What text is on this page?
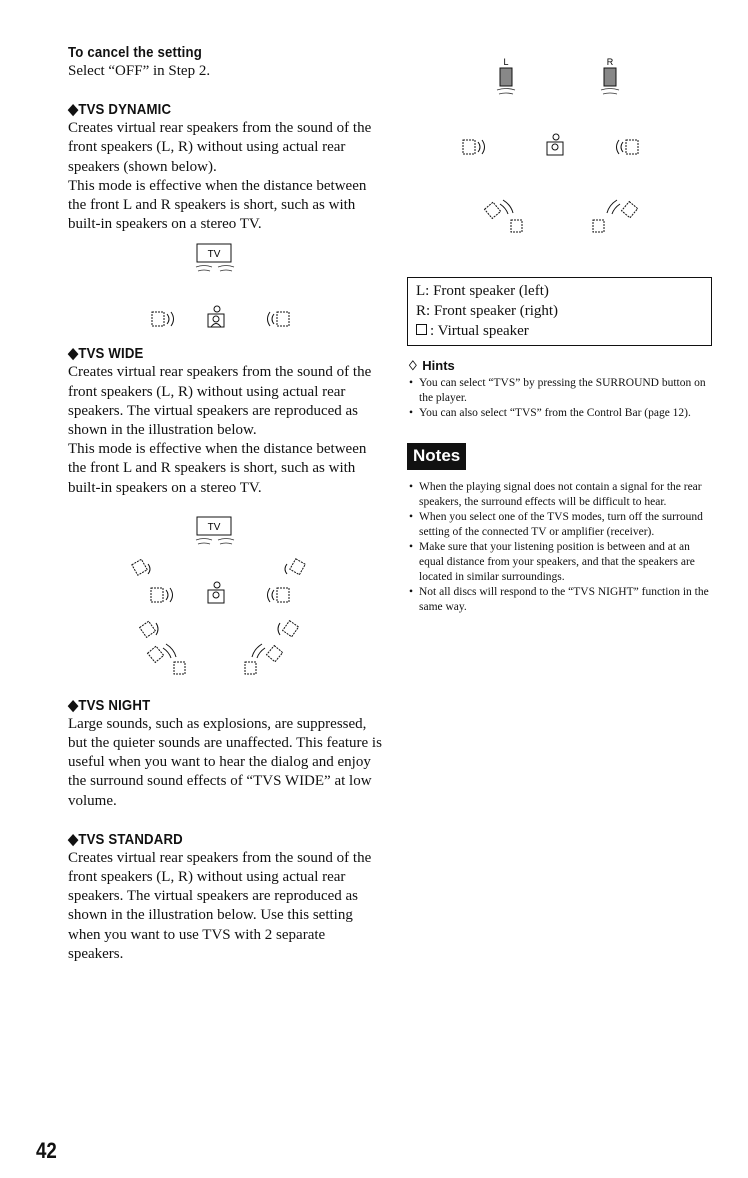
To cancel the setting

Select “OFF” in Step 2.

◆TVS DYNAMIC

Creates virtual rear speakers from the sound of the front speakers (L, R) without using actual rear speakers (shown below).

This mode is effective when the distance between the front L and R speakers is short, such as with built-in speakers on a stereo TV.

TV
◆TVS WIDE

Creates virtual rear speakers from the sound of the front speakers (L, R) without using actual rear speakers. The virtual speakers are reproduced as shown in the illustration below.

This mode is effective when the distance between the front L and R speakers is short, such as with built-in speakers on a stereo TV.

TV
◆TVS NIGHT

Large sounds, such as explosions, are suppressed, but the quieter sounds are unaffected. This feature is useful when you want to hear the dialog and enjoy the surround sound effects of “TVS WIDE” at low volume.

◆TVS STANDARD

Creates virtual rear speakers from the sound of the front speakers (L, R) without using actual rear speakers. The virtual speakers are reproduced as shown in the illustration below. Use this setting when you want to use TVS with 2 separate speakers.

L	R
L: Front speaker (left)
R: Front speaker (right)
: Virtual speaker
♢ Hints
• You can select “TVS” by pressing the SURROUND button on the player.
• You can also select “TVS” from the Control Bar (page 12).
Notes
• When the playing signal does not contain a signal for the rear speakers, the surround effects will be difficult to hear.
• When you select one of the TVS modes, turn off the surround setting of the connected TV or amplifier (receiver).
• Make sure that your listening position is between and at an equal distance from your speakers, and that the speakers are located in similar surroundings.
• Not all discs will respond to the “TVS NIGHT” function in the same way.
42
